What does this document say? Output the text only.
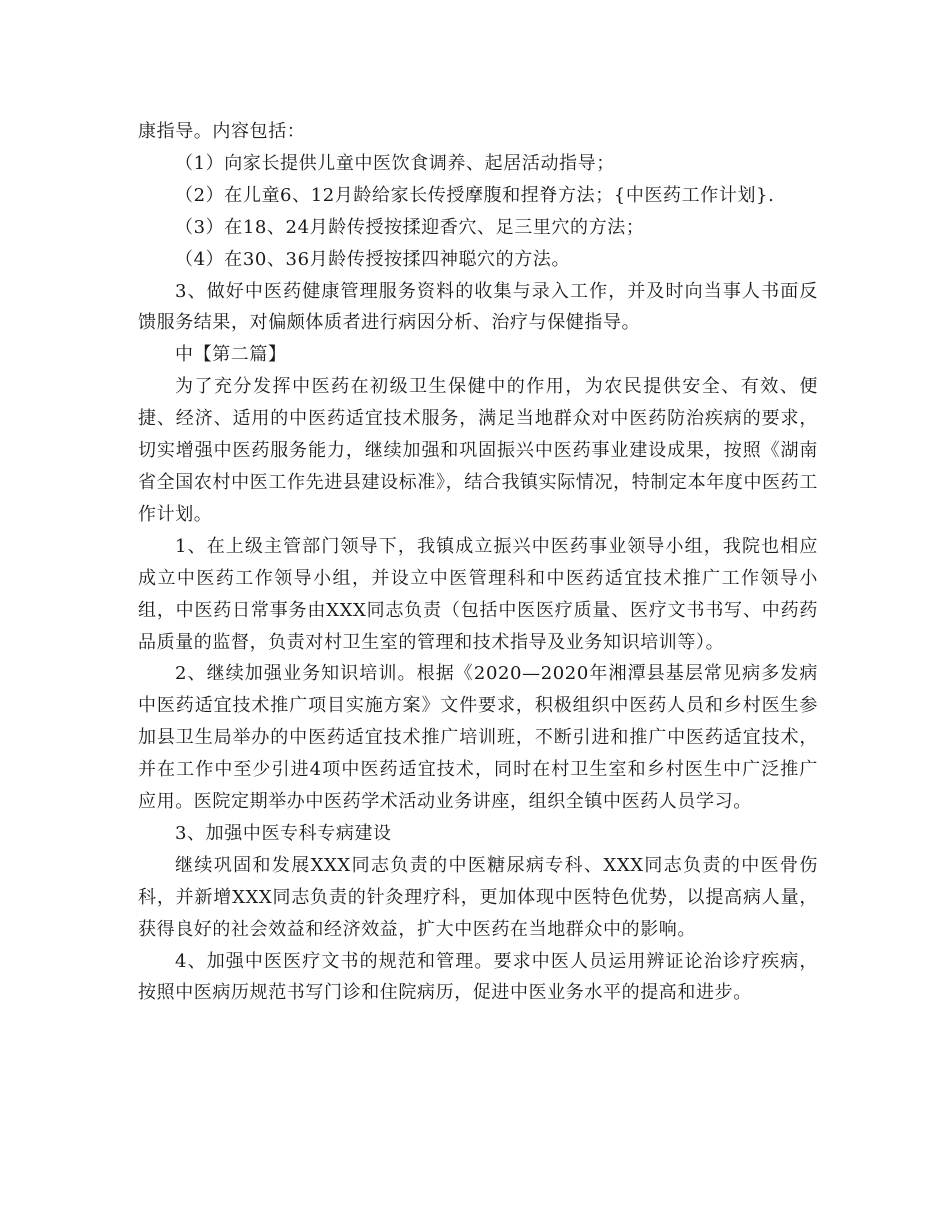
康指导。内容包括：

（1）向家长提供儿童中医饮食调养、起居活动指导；

（2）在儿童6、12月龄给家长传授摩腹和捏脊方法；{中医药工作计划}.

（3）在18、24月龄传授按揉迎香穴、足三里穴的方法；

（4）在30、36月龄传授按揉四神聪穴的方法。

3、做好中医药健康管理服务资料的收集与录入工作，并及时向当事人书面反馈服务结果，对偏颇体质者进行病因分析、治疗与保健指导。

中【第二篇】

为了充分发挥中医药在初级卫生保健中的作用，为农民提供安全、有效、便捷、经济、适用的中医药适宜技术服务，满足当地群众对中医药防治疾病的要求，切实增强中医药服务能力，继续加强和巩固振兴中医药事业建设成果，按照《湖南省全国农村中医工作先进县建设标准》，结合我镇实际情况，特制定本年度中医药工作计划。

1、在上级主管部门领导下，我镇成立振兴中医药事业领导小组，我院也相应成立中医药工作领导小组，并设立中医管理科和中医药适宜技术推广工作领导小组，中医药日常事务由XXX同志负责（包括中医医疗质量、医疗文书书写、中药药品质量的监督，负责对村卫生室的管理和技术指导及业务知识培训等）。

2、继续加强业务知识培训。根据《2020—2020年湘潭县基层常见病多发病中医药适宜技术推广项目实施方案》文件要求，积极组织中医药人员和乡村医生参加县卫生局举办的中医药适宜技术推广培训班，不断引进和推广中医药适宜技术，并在工作中至少引进4项中医药适宜技术，同时在村卫生室和乡村医生中广泛推广应用。医院定期举办中医药学术活动业务讲座，组织全镇中医药人员学习。

3、加强中医专科专病建设

继续巩固和发展XXX同志负责的中医糖尿病专科、XXX同志负责的中医骨伤科，并新增XXX同志负责的针灸理疗科，更加体现中医特色优势，以提高病人量，获得良好的社会效益和经济效益，扩大中医药在当地群众中的影响。

4、加强中医医疗文书的规范和管理。要求中医人员运用辨证论治诊疗疾病，按照中医病历规范书写门诊和住院病历，促进中医业务水平的提高和进步。
